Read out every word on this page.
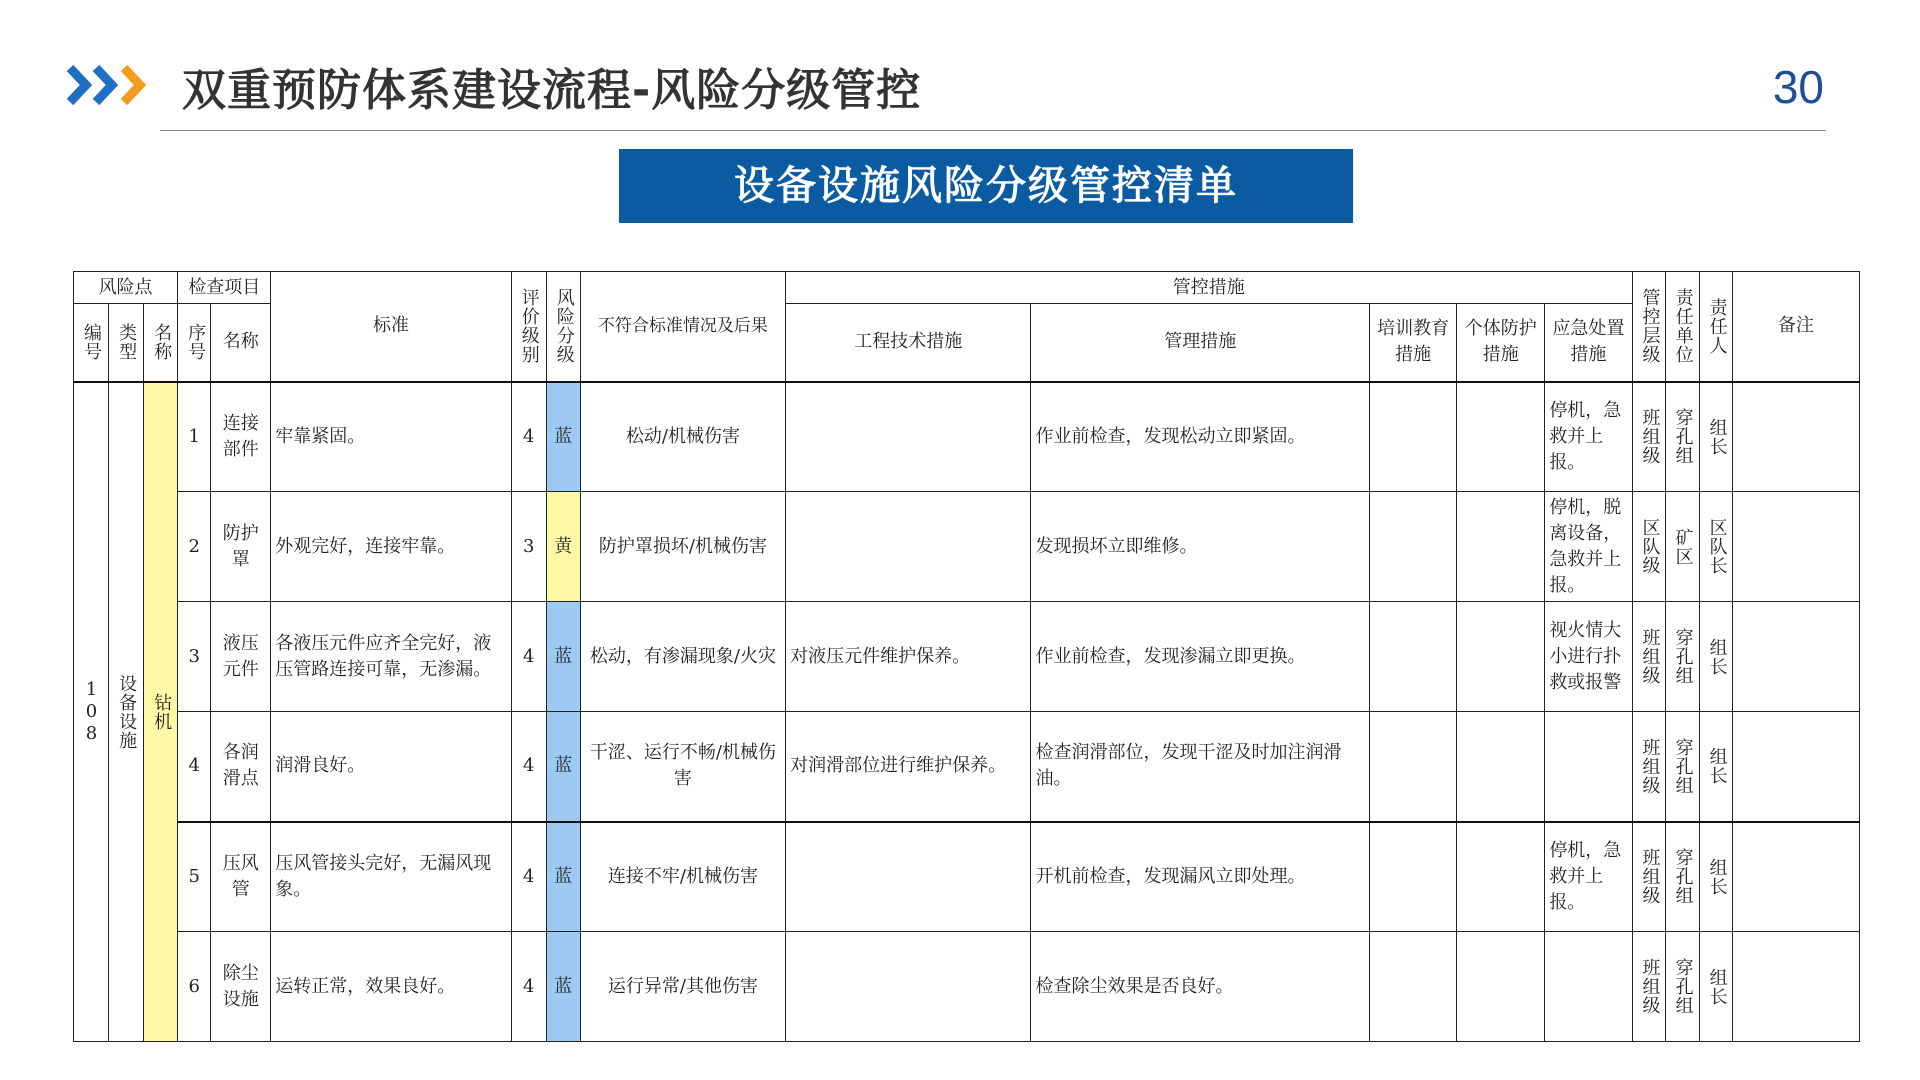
双重预防体系建设流程-风险分级管控	30
设备设施风险分级管控清单
风险点			检查项目		标准	评价级别	风险分级	不符合标准情况及后果	管控措施					管控层级	责任单位	责任人	备注

编号	类型	名称	序号	名称					工程技术措施	管理措施	培训教育措施	个体防护措施	应急处置措施				

108	设备设施	钻机	1	连接部件	牢靠紧固。	4	蓝	松动/机械伤害		作业前检查，发现松动立即紧固。			停机，急救并上报。	班组级	穿孔组	组长	

			2	防护罩	外观完好，连接牢靠。	3	黄	防护罩损坏/机械伤害		发现损坏立即维修。			停机，脱离设备，急救并上报。	区队级	矿区	区队长	

			3	液压元件	各液压元件应齐全完好，液压管路连接可靠，无渗漏。	4	蓝	松动，有渗漏现象/火灾	对液压元件维护保养。	作业前检查，发现渗漏立即更换。			视火情大小进行扑救或报警	班组级	穿孔组	组长	

			4	各润滑点	润滑良好。	4	蓝	干涩、运行不畅/机械伤害	对润滑部位进行维护保养。	检查润滑部位，发现干涩及时加注润滑油。				班组级	穿孔组	组长	

			5	压风管	压风管接头完好，无漏风现象。	4	蓝	连接不牢/机械伤害		开机前检查，发现漏风立即处理。			停机，急救并上报。	班组级	穿孔组	组长	

			6	除尘设施	运转正常，效果良好。	4	蓝	运行异常/其他伤害		检查除尘效果是否良好。				班组级	穿孔组	组长	
